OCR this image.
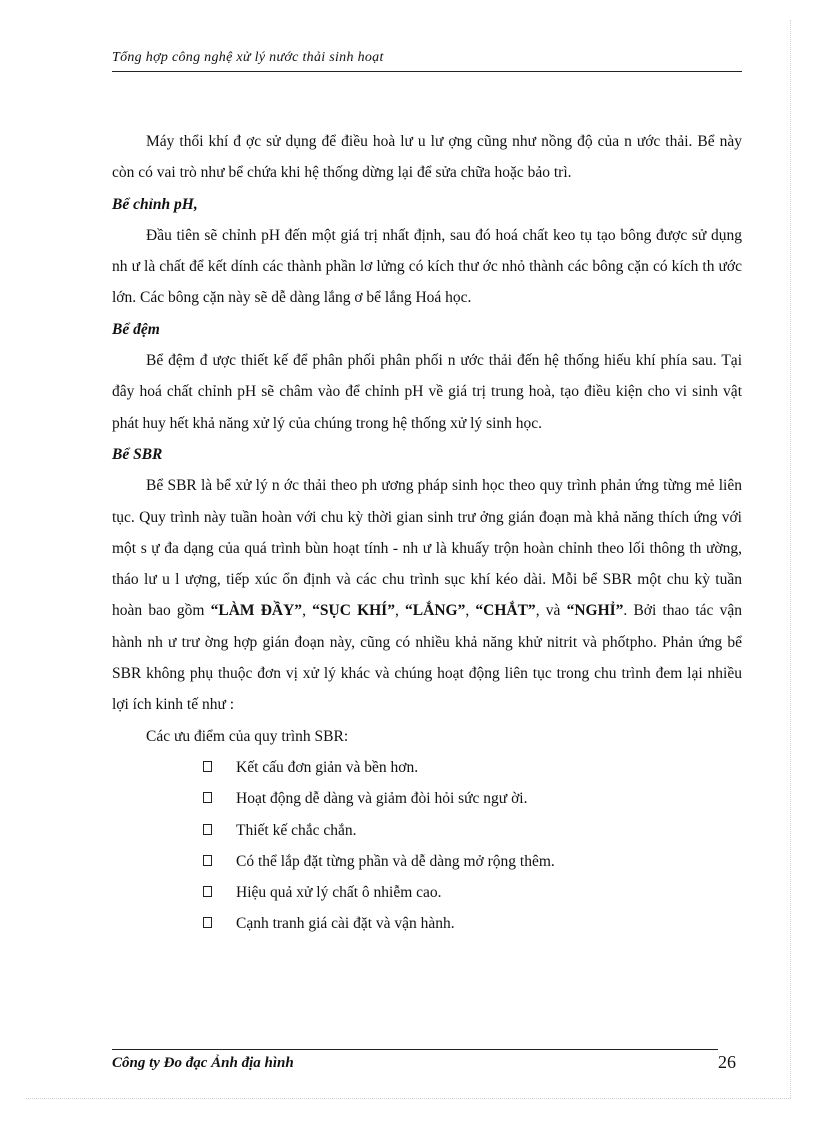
Tổng hợp công nghệ xử lý nước thải sinh hoạt

Máy thổi khí đ ợc sử dụng để điều hoà lư u lư ợng cũng như nồng độ của n ước thải. Bể này còn có vai trò như bể chứa khi hệ thống dừng lại để sửa chữa hoặc bảo trì.

Bể chỉnh pH,

Đầu tiên sẽ chỉnh pH đến một giá trị nhất định, sau đó hoá chất keo tụ tạo bông được sử dụng nh ư là chất để kết dính các thành phần lơ lửng có kích thư ớc nhỏ thành các bông cặn có kích th ước lớn. Các bông cặn này sẽ dễ dàng lắng ơ bể lắng Hoá học.

Bể đệm

Bể đệm đ ược thiết kế để phân phối phân phối n ước thải đến hệ thống hiếu khí phía sau. Tại đây hoá chất chỉnh pH sẽ châm vào để chỉnh pH về giá trị trung hoà, tạo điều kiện cho vi sinh vật phát huy hết khả năng xử lý của chúng trong hệ thống xử lý sinh học.

Bể SBR

Bể SBR là bể xử lý n ớc thải theo ph ương pháp sinh học theo quy trình phản ứng từng mẻ liên tục. Quy trình này tuần hoàn với chu kỳ thời gian sinh trư ởng gián đoạn mà khả năng thích ứng với một s ự đa dạng của quá trình bùn hoạt tính - nh ư là khuấy trộn hoàn chỉnh theo lối thông th ường, tháo lư u l ượng, tiếp xúc ổn định và các chu trình sục khí kéo dài. Mỗi bể SBR một chu kỳ tuần hoàn bao gồm “LÀM ĐẦY”, “SỤC KHÍ”, “LẮNG”, “CHẮT”, và “NGHỈ”. Bởi thao tác vận hành nh ư trư ờng hợp gián đoạn này, cũng có nhiều khả năng khử nitrit và phốtpho. Phản ứng bể SBR không phụ thuộc đơn vị xử lý khác và chúng hoạt động liên tục trong chu trình đem lại nhiều lợi ích kinh tế như :

Các ưu điểm của quy trình SBR:
Kết cấu đơn giản và bền hơn.
Hoạt động dễ dàng và giảm đòi hỏi sức ngư ời.
Thiết kế chắc chắn.
Có thể lắp đặt từng phần và dễ dàng mở rộng thêm.
Hiệu quả xử lý chất ô nhiễm cao.
Cạnh tranh giá cài đặt và vận hành.
Công ty Đo đạc Ảnh địa hình	26
